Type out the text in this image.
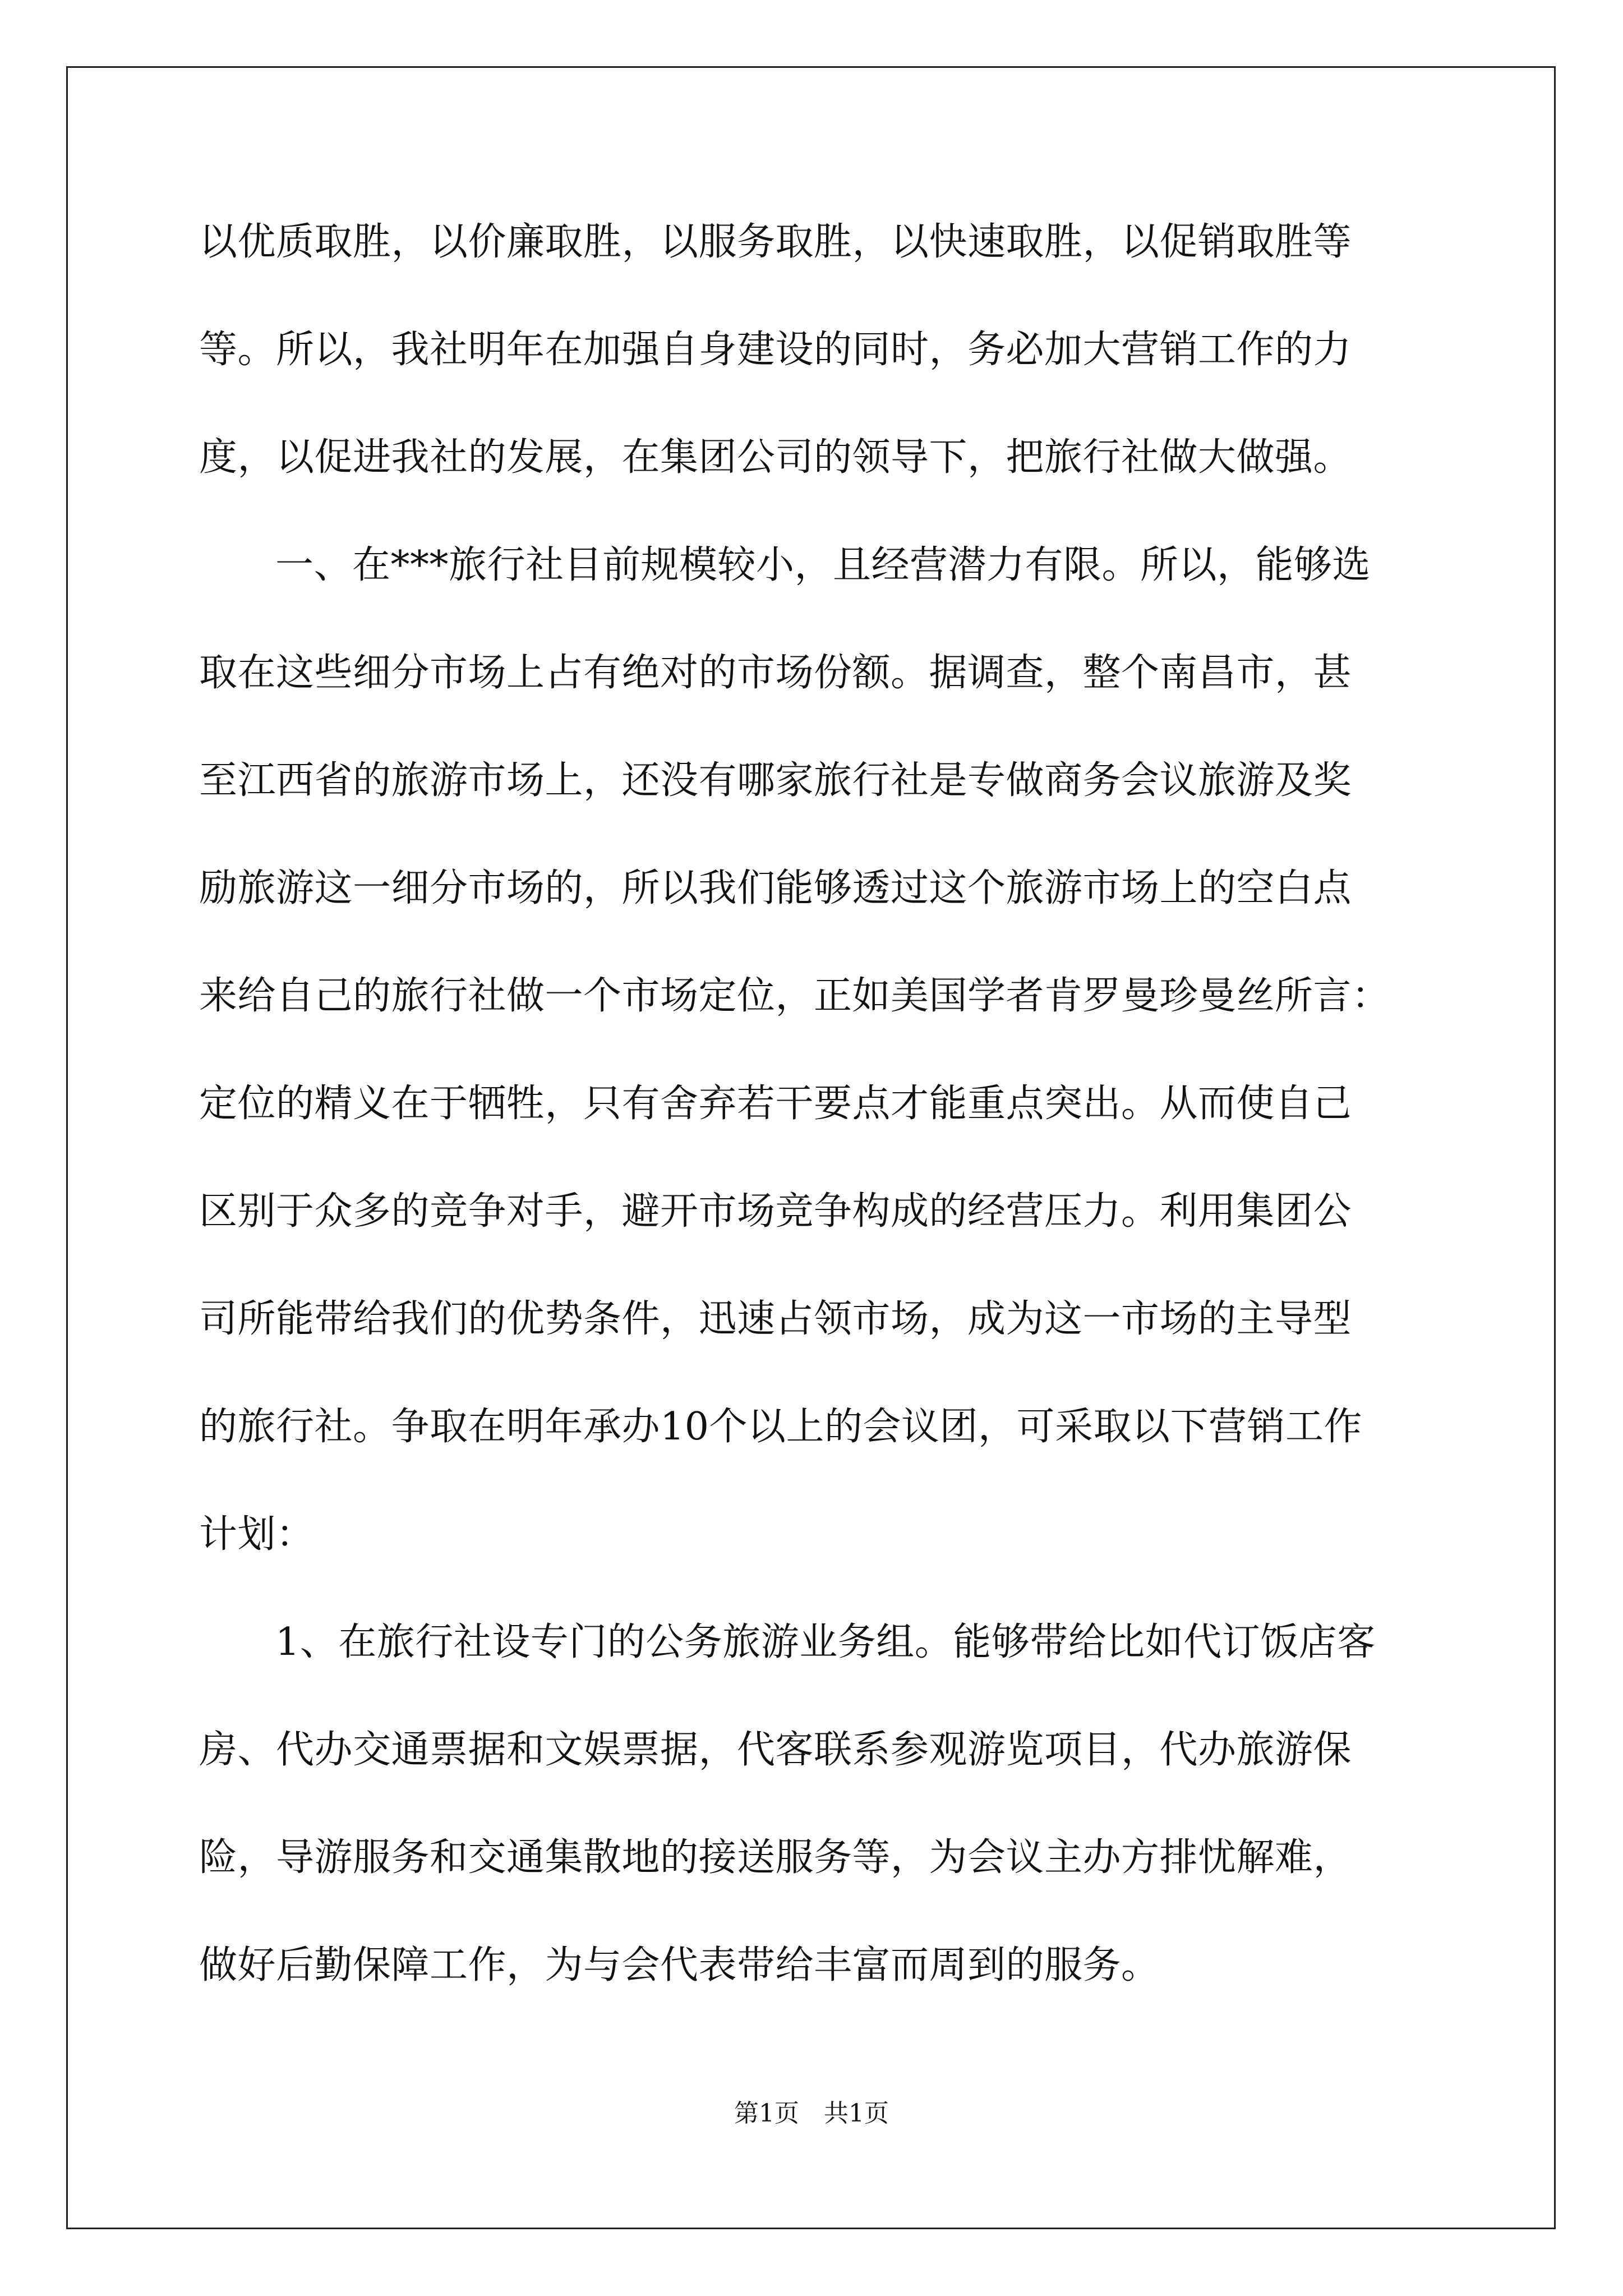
以优质取胜，以价廉取胜，以服务取胜，以快速取胜，以促销取胜等
等。所以，我社明年在加强自身建设的同时，务必加大营销工作的力
度，以促进我社的发展，在集团公司的领导下，把旅行社做大做强。
一、在***旅行社目前规模较小，且经营潜力有限。所以，能够选
取在这些细分市场上占有绝对的市场份额。据调查，整个南昌市，甚
至江西省的旅游市场上，还没有哪家旅行社是专做商务会议旅游及奖
励旅游这一细分市场的，所以我们能够透过这个旅游市场上的空白点
来给自己的旅行社做一个市场定位，正如美国学者肯罗曼珍曼丝所言：
定位的精义在于牺牲，只有舍弃若干要点才能重点突出。从而使自己
区别于众多的竞争对手，避开市场竞争构成的经营压力。利用集团公
司所能带给我们的优势条件，迅速占领市场，成为这一市场的主导型
的旅行社。争取在明年承办10个以上的会议团，可采取以下营销工作
计划：
1、在旅行社设专门的公务旅游业务组。能够带给比如代订饭店客
房、代办交通票据和文娱票据，代客联系参观游览项目，代办旅游保
险，导游服务和交通集散地的接送服务等，为会议主办方排忧解难，
做好后勤保障工作，为与会代表带给丰富而周到的服务。
第1页　共1页
